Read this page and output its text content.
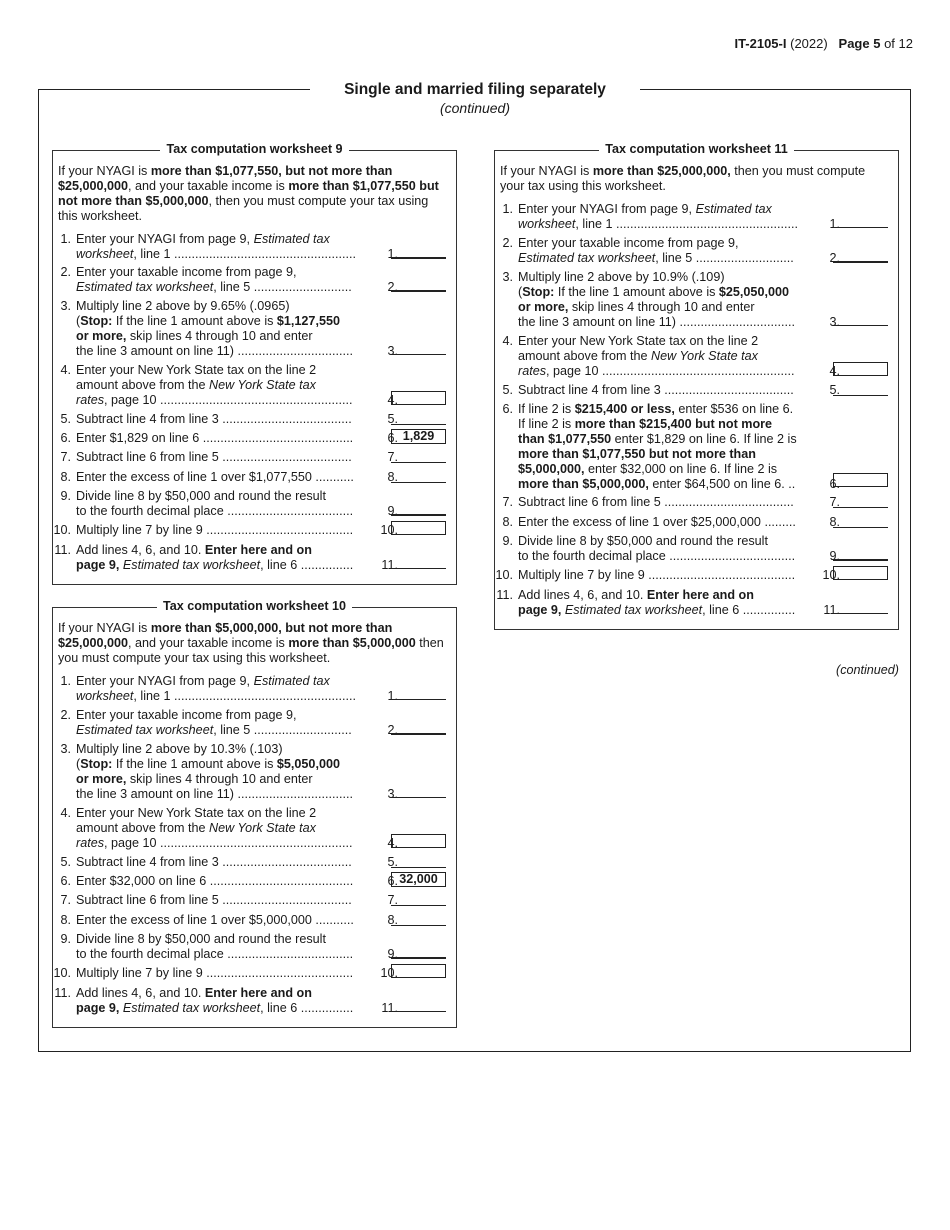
IT-2105-I (2022) Page 5 of 12
Single and married filing separately
(continued)
Tax computation worksheet 9
If your NYAGI is more than $1,077,550, but not more than $25,000,000, and your taxable income is more than $1,077,550 but not more than $5,000,000, then you must compute your tax using this worksheet.
1. Enter your NYAGI from page 9, Estimated tax
worksheet, line 1 ....................................................	1.
2. Enter your taxable income from page 9,
Estimated tax worksheet, line 5 ............................	2.
3. Multiply line 2 above by 9.65% (.0965)
(Stop: If the line 1 amount above is $1,127,550
or more, skip lines 4 through 10 and enter
the line 3 amount on line 11) .................................	3.
4. Enter your New York State tax on the line 2
amount above from the New York State tax
rates, page 10 .......................................................	4.
5. Subtract line 4 from line 3 .....................................	5.
6. Enter $1,829 on line 6 ...........................................	6. 1,829
7. Subtract line 6 from line 5 .....................................	7.
8. Enter the excess of line 1 over $1,077,550 ...........	8.
9. Divide line 8 by $50,000 and round the result
to the fourth decimal place ....................................	9.
10. Multiply line 7 by line 9 .......................................... 10.
11. Add lines 4, 6, and 10. Enter here and on
page 9, Estimated tax worksheet, line 6 ............... 11.
Tax computation worksheet 10
If your NYAGI is more than $5,000,000, but not more than $25,000,000, and your taxable income is more than $5,000,000 then you must compute your tax using this worksheet.
1. Enter your NYAGI from page 9, Estimated tax
worksheet, line 1 ....................................................	1.
2. Enter your taxable income from page 9,
Estimated tax worksheet, line 5 ............................	2.
3. Multiply line 2 above by 10.3% (.103)
(Stop: If the line 1 amount above is $5,050,000
or more, skip lines 4 through 10 and enter
the line 3 amount on line 11) .................................	3.
4. Enter your New York State tax on the line 2
amount above from the New York State tax
rates, page 10 .......................................................	4.
5. Subtract line 4 from line 3 .....................................	5.
6. Enter $32,000 on line 6 .........................................	6. 32,000
7. Subtract line 6 from line 5 .....................................	7.
8. Enter the excess of line 1 over $5,000,000 ...........	8.
9. Divide line 8 by $50,000 and round the result
to the fourth decimal place ....................................	9.
10. Multiply line 7 by line 9 .......................................... 10.
11. Add lines 4, 6, and 10. Enter here and on
page 9, Estimated tax worksheet, line 6 ............... 11.
Tax computation worksheet 11
If your NYAGI is more than $25,000,000, then you must compute your tax using this worksheet.
1. Enter your NYAGI from page 9, Estimated tax
worksheet, line 1 ....................................................	1.
2. Enter your taxable income from page 9,
Estimated tax worksheet, line 5 ............................	2.
3. Multiply line 2 above by 10.9% (.109)
(Stop: If the line 1 amount above is $25,050,000
or more, skip lines 4 through 10 and enter
the line 3 amount on line 11) .................................	3.
4. Enter your New York State tax on the line 2
amount above from the New York State tax
rates, page 10 .......................................................	4.
5. Subtract line 4 from line 3 .....................................	5.
6. If line 2 is $215,400 or less, enter $536 on line 6.
If line 2 is more than $215,400 but not more
than $1,077,550 enter $1,829 on line 6. If line 2 is
more than $1,077,550 but not more than
$5,000,000, enter $32,000 on line 6. If line 2 is
more than $5,000,000, enter $64,500 on line 6. ..	6.
7. Subtract line 6 from line 5 .....................................	7.
8. Enter the excess of line 1 over $25,000,000 .........	8.
9. Divide line 8 by $50,000 and round the result
to the fourth decimal place ....................................	9.
10. Multiply line 7 by line 9 .......................................... 10.
11. Add lines 4, 6, and 10. Enter here and on
page 9, Estimated tax worksheet, line 6 ............... 11.
(continued)
